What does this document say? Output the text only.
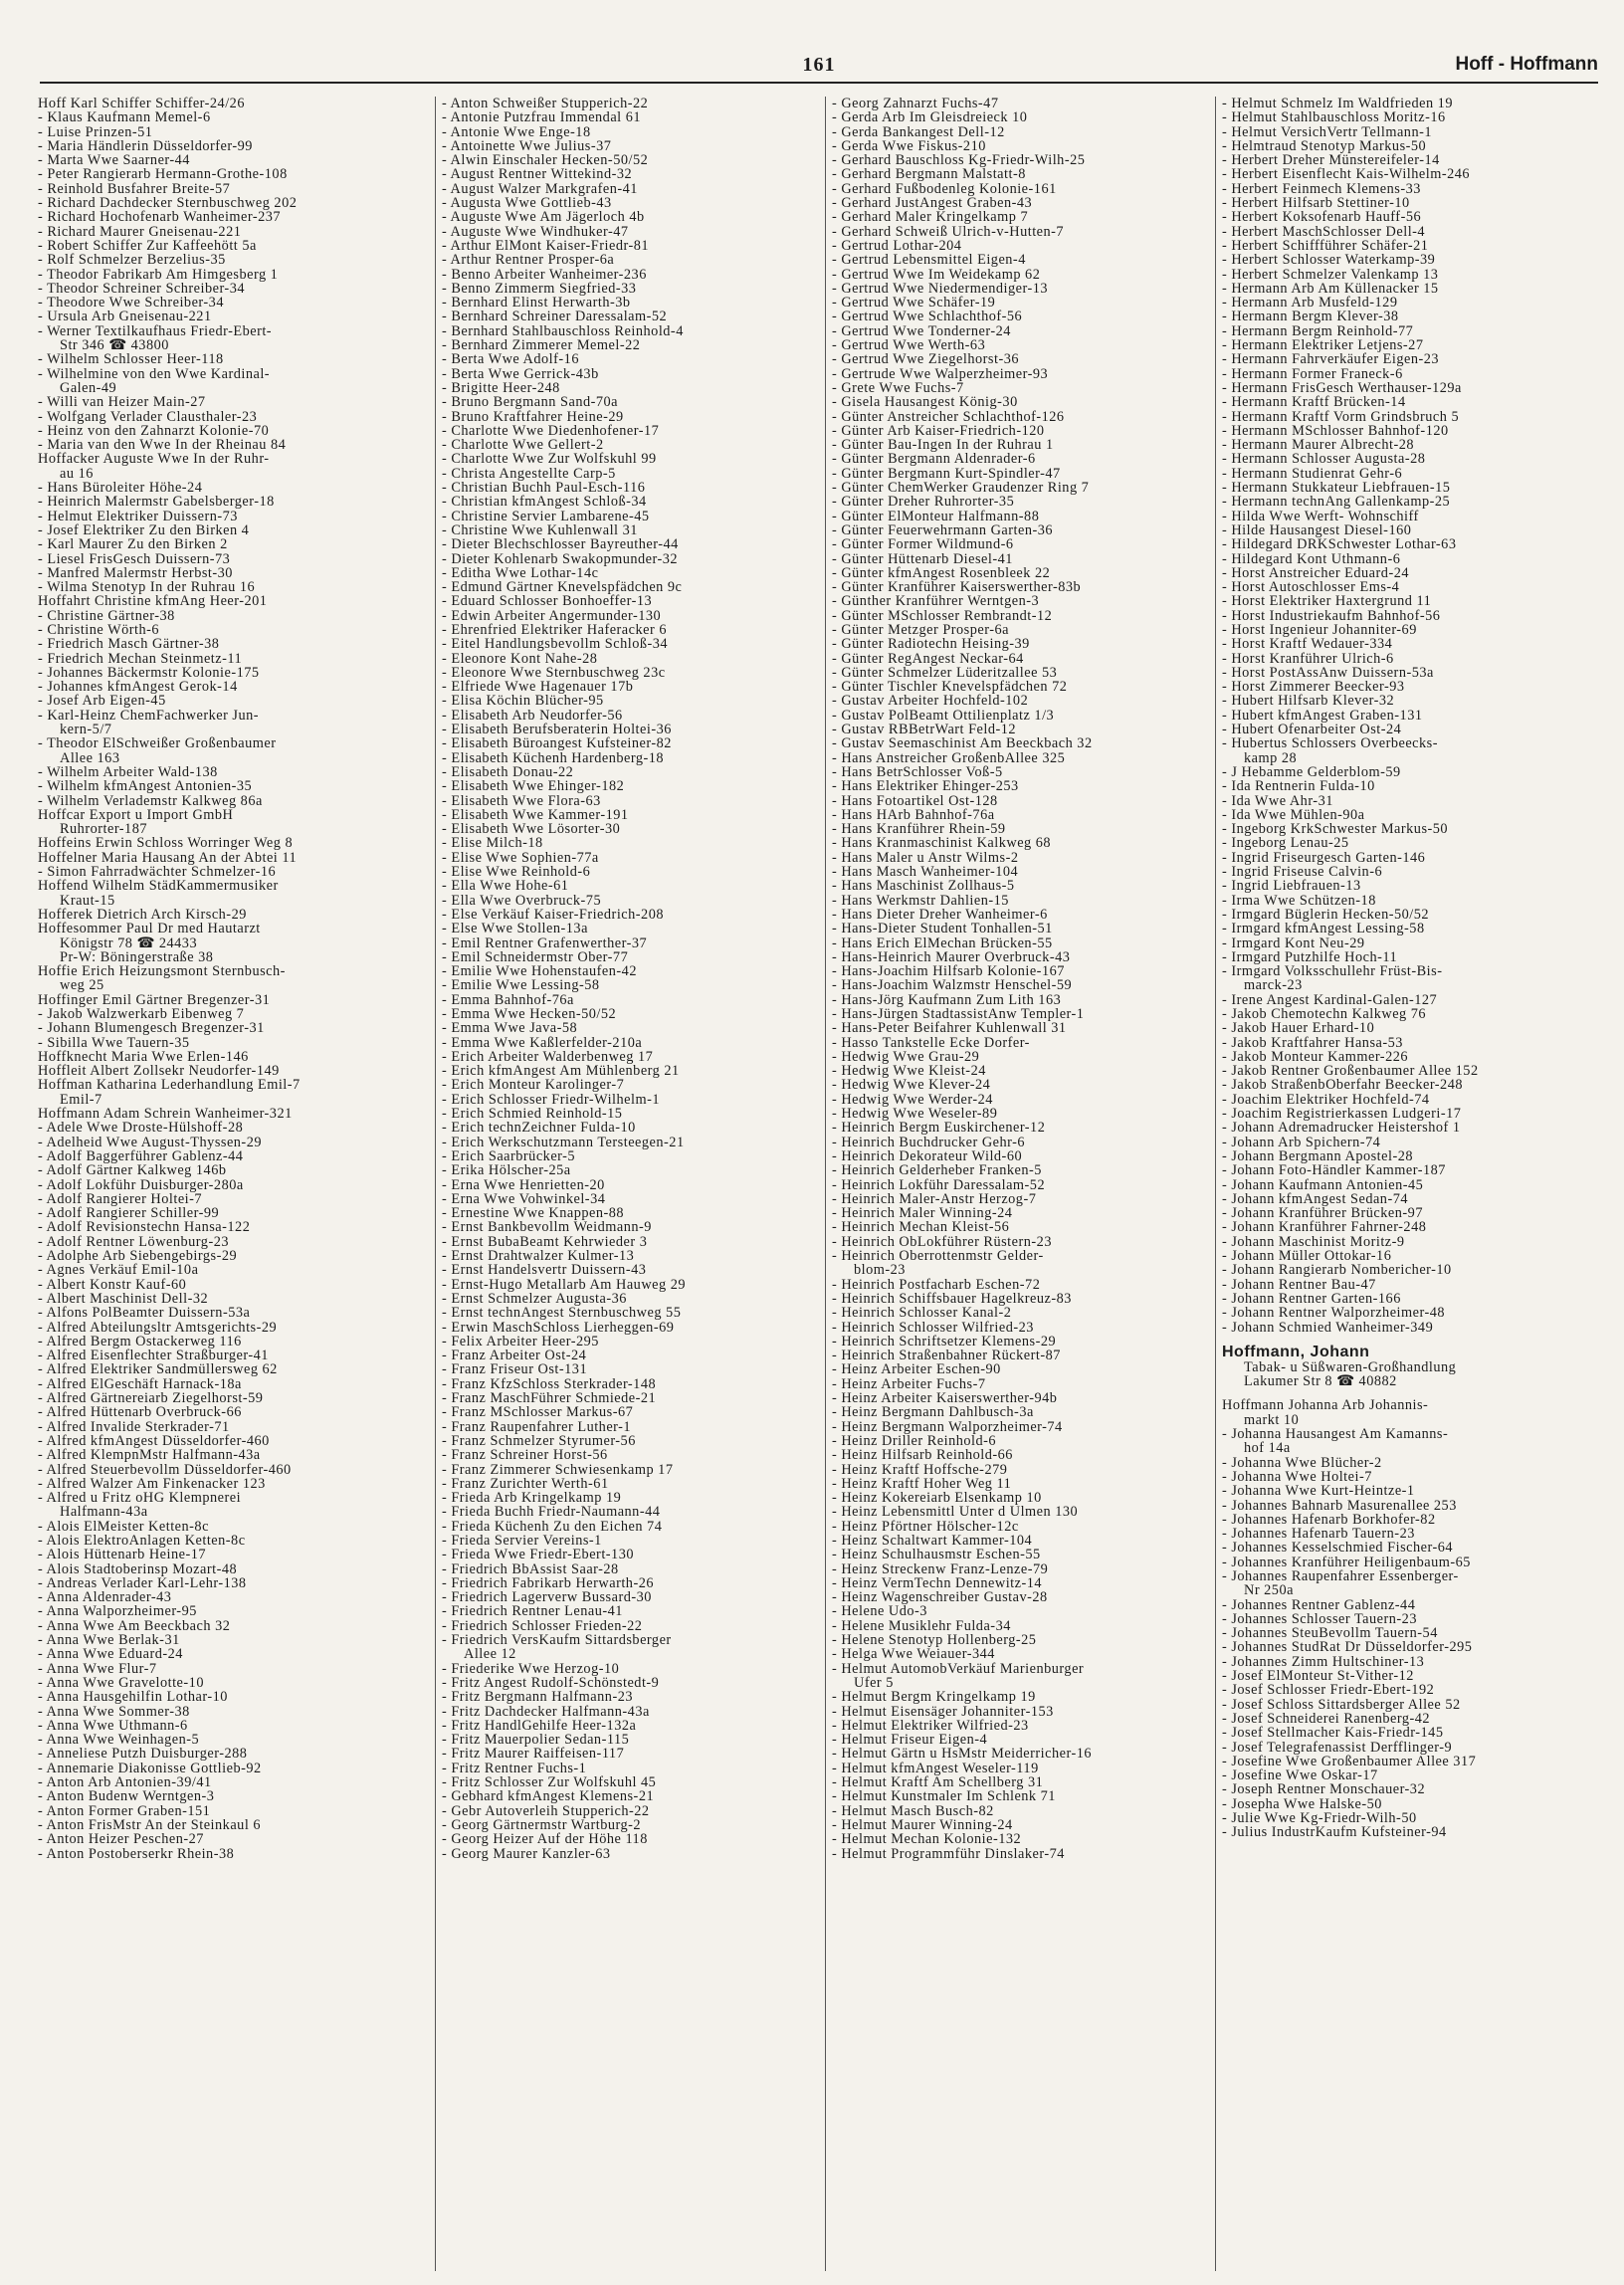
161	Hoff - Hoffmann
Hoff Karl Schiffer Schiffer-24/26
- Klaus Kaufmann Memel-6
- Luise Prinzen-51
- Maria Händlerin Düsseldorfer-99
- Marta Wwe Saarner-44
- Peter Rangierarb Hermann-Grothe-108
- Reinhold Busfahrer Breite-57
- Richard Dachdecker Sternbuschweg 202
- Richard Hochofenarb Wanheimer-237
- Richard Maurer Gneisenau-221
- Robert Schiffer Zur Kaffeehött 5a
- Rolf Schmelzer Berzelius-35
- Theodor Fabrikarb Am Himgesberg 1
- Theodor Schreiner Schreiber-34
- Theodore Wwe Schreiber-34
- Ursula Arb Gneisenau-221
- Werner Textilkaufhaus Friedr-Ebert-
Str 346 ☎ 43800
- Wilhelm Schlosser Heer-118
- Wilhelmine von den Wwe Kardinal-
Galen-49
- Willi van Heizer Main-27
- Wolfgang Verlader Clausthaler-23
- Heinz von den Zahnarzt Kolonie-70
- Maria van den Wwe In der Rheinau 84
Hoffacker Auguste Wwe In der Ruhr-
au 16
- Hans Büroleiter Höhe-24
- Heinrich Malermstr Gabelsberger-18
- Helmut Elektriker Duissern-73
- Josef Elektriker Zu den Birken 4
- Karl Maurer Zu den Birken 2
- Liesel FrisGesch Duissern-73
- Manfred Malermstr Herbst-30
- Wilma Stenotyp In der Ruhrau 16
Hoffahrt Christine kfmAng Heer-201
- Christine Gärtner-38
- Christine Wörth-6
- Friedrich Masch Gärtner-38
- Friedrich Mechan Steinmetz-11
- Johannes Bäckermstr Kolonie-175
- Johannes kfmAngest Gerok-14
- Josef Arb Eigen-45
- Karl-Heinz ChemFachwerker Jun-
kern-5/7
- Theodor ElSchweißer Großenbaumer
Allee 163
- Wilhelm Arbeiter Wald-138
- Wilhelm kfmAngest Antonien-35
- Wilhelm Verlademstr Kalkweg 86a
Hoffcar Export u Import GmbH
Ruhrorter-187
Hoffeins Erwin Schloss Worringer Weg 8
Hoffelner Maria Hausang An der Abtei 11
- Simon Fahrradwächter Schmelzer-16
Hoffend Wilhelm StädKammermusiker
Kraut-15
Hofferek Dietrich Arch Kirsch-29
Hoffesommer Paul Dr med Hautarzt
Königstr 78 ☎ 24433
Pr-W: Böningerstraße 38
Hoffie Erich Heizungsmont Sternbusch-
weg 25
Hoffinger Emil Gärtner Bregenzer-31
- Jakob Walzwerkarb Eibenweg 7
- Johann Blumengesch Bregenzer-31
- Sibilla Wwe Tauern-35
Hoffknecht Maria Wwe Erlen-146
Hoffleit Albert Zollsekr Neudorfer-149
Hoffman Katharina Lederhandlung Emil-7
Emil-7
Hoffmann Adam Schrein Wanheimer-321
- Adele Wwe Droste-Hülshoff-28
- Adelheid Wwe August-Thyssen-29
- Adolf Baggerführer Gablenz-44
- Adolf Gärtner Kalkweg 146b
- Adolf Lokführ Duisburger-280a
- Adolf Rangierer Holtei-7
- Adolf Rangierer Schiller-99
- Adolf Revisionstechn Hansa-122
- Adolf Rentner Löwenburg-23
- Adolphe Arb Siebengebirgs-29
- Agnes Verkäuf Emil-10a
- Albert Konstr Kauf-60
- Albert Maschinist Dell-32
- Alfons PolBeamter Duissern-53a
- Alfred Abteilungsltr Amtsgerichts-29
- Alfred Bergm Ostackerweg 116
- Alfred Eisenflechter Straßburger-41
- Alfred Elektriker Sandmüllersweg 62
- Alfred ElGeschäft Harnack-18a
- Alfred Gärtnereiarb Ziegelhorst-59
- Alfred Hüttenarb Overbruck-66
- Alfred Invalide Sterkrader-71
- Alfred kfmAngest Düsseldorfer-460
- Alfred KlempnMstr Halfmann-43a
- Alfred Steuerbevollm Düsseldorfer-460
- Alfred Walzer Am Finkenacker 123
- Alfred u Fritz oHG Klempnerei
Halfmann-43a
- Alois ElMeister Ketten-8c
- Alois ElektroAnlagen Ketten-8c
- Alois Hüttenarb Heine-17
- Alois Stadtoberinsp Mozart-48
- Andreas Verlader Karl-Lehr-138
- Anna Aldenrader-43
- Anna Walporzheimer-95
- Anna Wwe Am Beeckbach 32
- Anna Wwe Berlak-31
- Anna Wwe Eduard-24
- Anna Wwe Flur-7
- Anna Wwe Gravelotte-10
- Anna Hausgehilfin Lothar-10
- Anna Wwe Sommer-38
- Anna Wwe Uthmann-6
- Anna Wwe Weinhagen-5
- Anneliese Putzh Duisburger-288
- Annemarie Diakonisse Gottlieb-92
- Anton Arb Antonien-39/41
- Anton Budenw Werntgen-3
- Anton Former Graben-151
- Anton FrisMstr An der Steinkaul 6
- Anton Heizer Peschen-27
- Anton Postoberserkr Rhein-38
- Anton Schweißer Stupperich-22
- Antonie Putzfrau Immendal 61
- Antonie Wwe Enge-18
- Antoinette Wwe Julius-37
- Alwin Einschaler Hecken-50/52
- August Rentner Wittekind-32
- August Walzer Markgrafen-41
- Augusta Wwe Gottlieb-43
- Auguste Wwe Am Jägerloch 4b
- Auguste Wwe Windhuker-47
- Arthur ElMont Kaiser-Friedr-81
- Arthur Rentner Prosper-6a
- Benno Arbeiter Wanheimer-236
- Benno Zimmerm Siegfried-33
- Bernhard Elinst Herwarth-3b
- Bernhard Schreiner Daressalam-52
- Bernhard Stahlbauschloss Reinhold-4
- Bernhard Zimmerer Memel-22
- Berta Wwe Adolf-16
- Berta Wwe Gerrick-43b
- Brigitte Heer-248
- Bruno Bergmann Sand-70a
- Bruno Kraftfahrer Heine-29
- Charlotte Wwe Diedenhofener-17
- Charlotte Wwe Gellert-2
- Charlotte Wwe Zur Wolfskuhl 99
- Christa Angestellte Carp-5
- Christian Buchh Paul-Esch-116
- Christian kfmAngest Schloß-34
- Christine Servier Lambarene-45
- Christine Wwe Kuhlenwall 31
- Dieter Blechschlosser Bayreuther-44
- Dieter Kohlenarb Swakopmunder-32
- Editha Wwe Lothar-14c
- Edmund Gärtner Knevelspfädchen 9c
- Eduard Schlosser Bonhoeffer-13
- Edwin Arbeiter Angermunder-130
- Ehrenfried Elektriker Haferacker 6
- Eitel Handlungsbevollm Schloß-34
- Eleonore Kont Nahe-28
- Eleonore Wwe Sternbuschweg 23c
- Elfriede Wwe Hagenauer 17b
- Elisa Köchin Blücher-95
- Elisabeth Arb Neudorfer-56
- Elisabeth Berufsberaterin Holtei-36
- Elisabeth Büroangest Kufsteiner-82
- Elisabeth Küchenh Hardenberg-18
- Elisabeth Donau-22
- Elisabeth Wwe Ehinger-182
- Elisabeth Wwe Flora-63
- Elisabeth Wwe Kammer-191
- Elisabeth Wwe Lösorter-30
- Elise Milch-18
- Elise Wwe Sophien-77a
- Elise Wwe Reinhold-6
- Ella Wwe Hohe-61
- Ella Wwe Overbruck-75
- Else Verkäuf Kaiser-Friedrich-208
- Else Wwe Stollen-13a
- Emil Rentner Grafenwerther-37
- Emil Schneidermstr Ober-77
- Emilie Wwe Hohenstaufen-42
- Emilie Wwe Lessing-58
- Emma Bahnhof-76a
- Emma Wwe Hecken-50/52
- Emma Wwe Java-58
- Emma Wwe Kaßlerfelder-210a
- Erich Arbeiter Walderbenweg 17
- Erich kfmAngest Am Mühlenberg 21
- Erich Monteur Karolinger-7
- Erich Schlosser Friedr-Wilhelm-1
- Erich Schmied Reinhold-15
- Erich technZeichner Fulda-10
- Erich Werkschutzmann Tersteegen-21
- Erich Saarbrücker-5
- Erika Hölscher-25a
- Erna Wwe Henrietten-20
- Erna Wwe Vohwinkel-34
- Ernestine Wwe Knappen-88
- Ernst Bankbevollm Weidmann-9
- Ernst BubaBeamt Kehrwieder 3
- Ernst Drahtwalzer Kulmer-13
- Ernst Handelsvertr Duissern-43
- Ernst-Hugo Metallarb Am Hauweg 29
- Ernst Schmelzer Augusta-36
- Ernst technAngest Sternbuschweg 55
- Erwin MaschSchloss Lierheggen-69
- Felix Arbeiter Heer-295
- Franz Arbeiter Ost-24
- Franz Friseur Ost-131
- Franz KfzSchloss Sterkrader-148
- Franz MaschFührer Schmiede-21
- Franz MSchlosser Markus-67
- Franz Raupenfahrer Luther-1
- Franz Schmelzer Styrumer-56
- Franz Schreiner Horst-56
- Franz Zimmerer Schwiesenkamp 17
- Franz Zurichter Werth-61
- Frieda Arb Kringelkamp 19
- Frieda Buchh Friedr-Naumann-44
- Frieda Küchenh Zu den Eichen 74
- Frieda Servier Vereins-1
- Frieda Wwe Friedr-Ebert-130
- Friedrich BbAssist Saar-28
- Friedrich Fabrikarb Herwarth-26
- Friedrich Lagerverw Bussard-30
- Friedrich Rentner Lenau-41
- Friedrich Schlosser Frieden-22
- Friedrich VersKaufm Sittardsberger
Allee 12
- Friederike Wwe Herzog-10
- Fritz Angest Rudolf-Schönstedt-9
- Fritz Bergmann Halfmann-23
- Fritz Dachdecker Halfmann-43a
- Fritz HandlGehilfe Heer-132a
- Fritz Mauerpolier Sedan-115
- Fritz Maurer Raiffeisen-117
- Fritz Rentner Fuchs-1
- Fritz Schlosser Zur Wolfskuhl 45
- Gebhard kfmAngest Klemens-21
- Gebr Autoverleih Stupperich-22
- Georg Gärtnermstr Wartburg-2
- Georg Heizer Auf der Höhe 118
- Georg Maurer Kanzler-63
- Georg Zahnarzt Fuchs-47
- Gerda Arb Im Gleisdreieck 10
- Gerda Bankangest Dell-12
- Gerda Wwe Fiskus-210
- Gerhard Bauschloss Kg-Friedr-Wilh-25
- Gerhard Bergmann Malstatt-8
- Gerhard Fußbodenleg Kolonie-161
- Gerhard JustAngest Graben-43
- Gerhard Maler Kringelkamp 7
- Gerhard Schweiß Ulrich-v-Hutten-7
- Gertrud Lothar-204
- Gertrud Lebensmittel Eigen-4
- Gertrud Wwe Im Weidekamp 62
- Gertrud Wwe Niedermendiger-13
- Gertrud Wwe Schäfer-19
- Gertrud Wwe Schlachthof-56
- Gertrud Wwe Tonderner-24
- Gertrud Wwe Werth-63
- Gertrud Wwe Ziegelhorst-36
- Gertrude Wwe Walperzheimer-93
- Grete Wwe Fuchs-7
- Gisela Hausangest König-30
- Günter Anstreicher Schlachthof-126
- Günter Arb Kaiser-Friedrich-120
- Günter Bau-Ingen In der Ruhrau 1
- Günter Bergmann Aldenrader-6
- Günter Bergmann Kurt-Spindler-47
- Günter ChemWerker Graudenzer Ring 7
- Günter Dreher Ruhrorter-35
- Günter ElMonteur Halfmann-88
- Günter Feuerwehrmann Garten-36
- Günter Former Wildmund-6
- Günter Hüttenarb Diesel-41
- Günter kfmAngest Rosenbleek 22
- Günter Kranführer Kaiserswerther-83b
- Günther Kranführer Werntgen-3
- Günter MSchlosser Rembrandt-12
- Günter Metzger Prosper-6a
- Günter Radiotechn Heising-39
- Günter RegAngest Neckar-64
- Günter Schmelzer Lüderitzallee 53
- Günter Tischler Knevelspfädchen 72
- Gustav Arbeiter Hochfeld-102
- Gustav PolBeamt Ottilienplatz 1/3
- Gustav RBBetrWart Feld-12
- Gustav Seemaschinist Am Beeckbach 32
- Hans Anstreicher GroßenbAllee 325
- Hans BetrSchlosser Voß-5
- Hans Elektriker Ehinger-253
- Hans Fotoartikel Ost-128
- Hans HArb Bahnhof-76a
- Hans Kranführer Rhein-59
- Hans Kranmaschinist Kalkweg 68
- Hans Maler u Anstr Wilms-2
- Hans Masch Wanheimer-104
- Hans Maschinist Zollhaus-5
- Hans Werkmstr Dahlien-15
- Hans Dieter Dreher Wanheimer-6
- Hans-Dieter Student Tonhallen-51
- Hans Erich ElMechan Brücken-55
- Hans-Heinrich Maurer Overbruck-43
- Hans-Joachim Hilfsarb Kolonie-167
- Hans-Joachim Walzmstr Henschel-59
- Hans-Jörg Kaufmann Zum Lith 163
- Hans-Jürgen StadtassistAnw Templer-1
- Hans-Peter Beifahrer Kuhlenwall 31
- Hasso Tankstelle Ecke Dorfer-
- Hedwig Wwe Grau-29
- Hedwig Wwe Kleist-24
- Hedwig Wwe Klever-24
- Hedwig Wwe Werder-24
- Hedwig Wwe Weseler-89
- Heinrich Bergm Euskirchener-12
- Heinrich Buchdrucker Gehr-6
- Heinrich Dekorateur Wild-60
- Heinrich Gelderheber Franken-5
- Heinrich Lokführ Daressalam-52
- Heinrich Maler-Anstr Herzog-7
- Heinrich Maler Winning-24
- Heinrich Mechan Kleist-56
- Heinrich ObLokführer Rüstern-23
- Heinrich Oberrottenmstr Gelder-
blom-23
- Heinrich Postfacharb Eschen-72
- Heinrich Schiffsbauer Hagelkreuz-83
- Heinrich Schlosser Kanal-2
- Heinrich Schlosser Wilfried-23
- Heinrich Schriftsetzer Klemens-29
- Heinrich Straßenbahner Rückert-87
- Heinz Arbeiter Eschen-90
- Heinz Arbeiter Fuchs-7
- Heinz Arbeiter Kaiserswerther-94b
- Heinz Bergmann Dahlbusch-3a
- Heinz Bergmann Walporzheimer-74
- Heinz Driller Reinhold-6
- Heinz Hilfsarb Reinhold-66
- Heinz Kraftf Hoffsche-279
- Heinz Kraftf Hoher Weg 11
- Heinz Kokereiarb Elsenkamp 10
- Heinz Lebensmittl Unter d Ulmen 130
- Heinz Pförtner Hölscher-12c
- Heinz Schaltwart Kammer-104
- Heinz Schulhausmstr Eschen-55
- Heinz Streckenw Franz-Lenze-79
- Heinz VermTechn Dennewitz-14
- Heinz Wagenschreiber Gustav-28
- Helene Udo-3
- Helene Musiklehr Fulda-34
- Helene Stenotyp Hollenberg-25
- Helga Wwe Weiauer-344
- Helmut AutomobVerkäuf Marienburger
Ufer 5
- Helmut Bergm Kringelkamp 19
- Helmut Eisensäger Johanniter-153
- Helmut Elektriker Wilfried-23
- Helmut Friseur Eigen-4
- Helmut Gärtn u HsMstr Meiderricher-16
- Helmut kfmAngest Weseler-119
- Helmut Kraftf Am Schellberg 31
- Helmut Kunstmaler Im Schlenk 71
- Helmut Masch Busch-82
- Helmut Maurer Winning-24
- Helmut Mechan Kolonie-132
- Helmut Programmführ Dinslaker-74
- Helmut Schmelz Im Waldfrieden 19
- Helmut Stahlbauschloss Moritz-16
- Helmut VersichVertr Tellmann-1
- Helmtraud Stenotyp Markus-50
- Herbert Dreher Münstereifeler-14
- Herbert Eisenflecht Kais-Wilhelm-246
- Herbert Feinmech Klemens-33
- Herbert Hilfsarb Stettiner-10
- Herbert Koksofenarb Hauff-56
- Herbert MaschSchlosser Dell-4
- Herbert Schiffführer Schäfer-21
- Herbert Schlosser Waterkamp-39
- Herbert Schmelzer Valenkamp 13
- Hermann Arb Am Küllenacker 15
- Hermann Arb Musfeld-129
- Hermann Bergm Klever-38
- Hermann Bergm Reinhold-77
- Hermann Elektriker Letjens-27
- Hermann Fahrverkäufer Eigen-23
- Hermann Former Franeck-6
- Hermann FrisGesch Werthauser-129a
- Hermann Kraftf Brücken-14
- Hermann Kraftf Vorm Grindsbruch 5
- Hermann MSchlosser Bahnhof-120
- Hermann Maurer Albrecht-28
- Hermann Schlosser Augusta-28
- Hermann Studienrat Gehr-6
- Hermann Stukkateur Liebfrauen-15
- Hermann technAng Gallenkamp-25
- Hilda Wwe Werft- Wohnschiff
- Hilde Hausangest Diesel-160
- Hildegard DRKSchwester Lothar-63
- Hildegard Kont Uthmann-6
- Horst Anstreicher Eduard-24
- Horst Autoschlosser Ems-4
- Horst Elektriker Haxtergrund 11
- Horst Industriekaufm Bahnhof-56
- Horst Ingenieur Johanniter-69
- Horst Kraftf Wedauer-334
- Horst Kranführer Ulrich-6
- Horst PostAssAnw Duissern-53a
- Horst Zimmerer Beecker-93
- Hubert Hilfsarb Klever-32
- Hubert kfmAngest Graben-131
- Hubert Ofenarbeiter Ost-24
- Hubertus Schlossers Overbeecks-
kamp 28
- J Hebamme Gelderblom-59
- Ida Rentnerin Fulda-10
- Ida Wwe Ahr-31
- Ida Wwe Mühlen-90a
- Ingeborg KrkSchwester Markus-50
- Ingeborg Lenau-25
- Ingrid Friseurgesch Garten-146
- Ingrid Friseuse Calvin-6
- Ingrid Liebfrauen-13
- Irma Wwe Schützen-18
- Irmgard Büglerin Hecken-50/52
- Irmgard kfmAngest Lessing-58
- Irmgard Kont Neu-29
- Irmgard Putzhilfe Hoch-11
- Irmgard Volksschullehr Früst-Bis-
marck-23
- Irene Angest Kardinal-Galen-127
- Jakob Chemotechn Kalkweg 76
- Jakob Hauer Erhard-10
- Jakob Kraftfahrer Hansa-53
- Jakob Monteur Kammer-226
- Jakob Rentner Großenbaumer Allee 152
- Jakob StraßenbOberfahr Beecker-248
- Joachim Elektriker Hochfeld-74
- Joachim Registrierkassen Ludgeri-17
- Johann Adremadrucker Heistershof 1
- Johann Arb Spichern-74
- Johann Bergmann Apostel-28
- Johann Foto-Händler Kammer-187
- Johann Kaufmann Antonien-45
- Johann kfmAngest Sedan-74
- Johann Kranführer Brücken-97
- Johann Kranführer Fahrner-248
- Johann Maschinist Moritz-9
- Johann Müller Ottokar-16
- Johann Rangierarb Nombericher-10
- Johann Rentner Bau-47
- Johann Rentner Garten-166
- Johann Rentner Walporzheimer-48
- Johann Schmied Wanheimer-349
Hoffmann, Johann
Tabak- u Süßwaren-Großhandlung
Lakumer Str 8 ☎ 40882
Hoffmann Johanna Arb Johannis-
markt 10
- Johanna Hausangest Am Kamanns-
hof 14a
- Johanna Wwe Blücher-2
- Johanna Wwe Holtei-7
- Johanna Wwe Kurt-Heintze-1
- Johannes Bahnarb Masurenallee 253
- Johannes Hafenarb Borkhofer-82
- Johannes Hafenarb Tauern-23
- Johannes Kesselschmied Fischer-64
- Johannes Kranführer Heiligenbaum-65
- Johannes Raupenfahrer Essenberger-
Nr 250a
- Johannes Rentner Gablenz-44
- Johannes Schlosser Tauern-23
- Johannes SteuBevollm Tauern-54
- Johannes StudRat Dr Düsseldorfer-295
- Johannes Zimm Hultschiner-13
- Josef ElMonteur St-Vither-12
- Josef Schlosser Friedr-Ebert-192
- Josef Schloss Sittardsberger Allee 52
- Josef Schneiderei Ranenberg-42
- Josef Stellmacher Kais-Friedr-145
- Josef Telegrafenassist Derfflinger-9
- Josefine Wwe Großenbaumer Allee 317
- Josefine Wwe Oskar-17
- Joseph Rentner Monschauer-32
- Josepha Wwe Halske-50
- Julie Wwe Kg-Friedr-Wilh-50
- Julius IndustrKaufm Kufsteiner-94
